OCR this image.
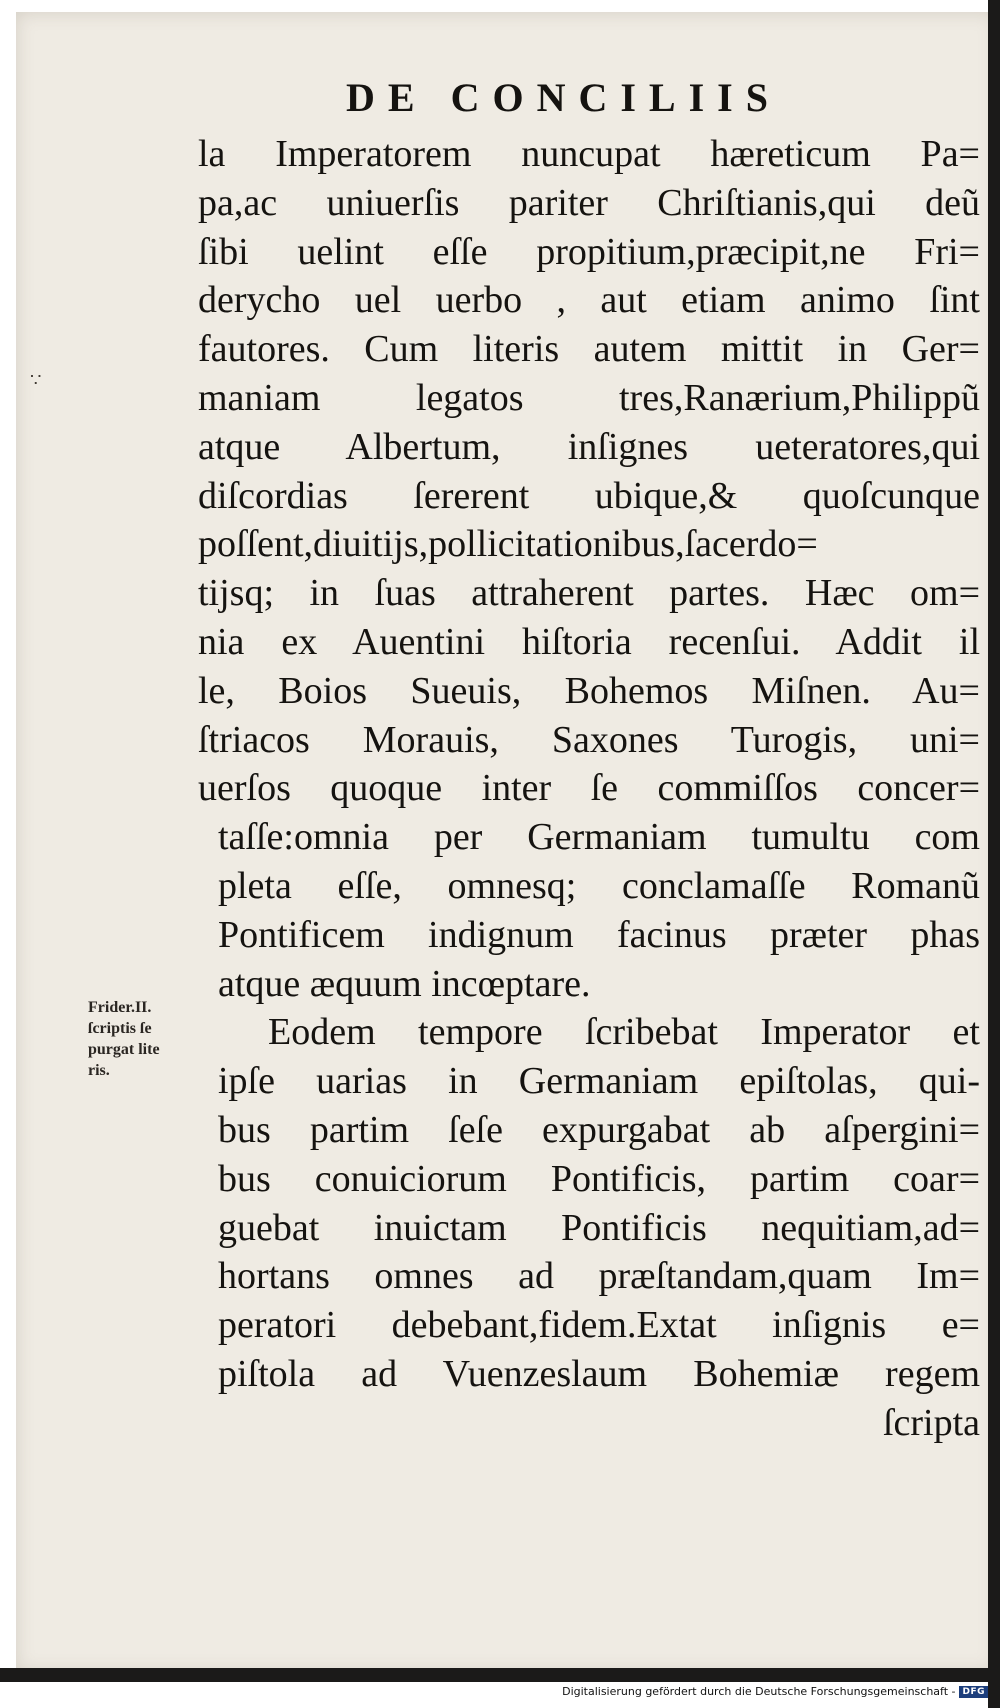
DE CONCILIIS

∵
la Imperatorem nuncupat hæreticum Pa=
pa,ac uniuerſis pariter Chriſtianis,qui deũ
ſibi uelint eſſe propitium,præcipit,ne Fri=
derycho uel uerbo , aut etiam animo ſint
fautores. Cum literis autem mittit in Ger=
maniam legatos tres,Ranærium,Philippũ
atque Albertum, inſignes ueteratores,qui
diſcordias ſererent ubique,& quoſcunque
poſſent,diuitijs,pollicitationibus,ſacerdo=
tijsq; in ſuas attraherent partes. Hæc om=
nia ex Auentini hiſtoria recenſui. Addit il
le, Boios Sueuis, Bohemos Miſnen. Au=
ſtriacos Morauis, Saxones Turogis, uni=
uerſos quoque inter ſe commiſſos concer=
taſſe:omnia per Germaniam tumultu com
pleta eſſe, omnesq; conclamaſſe Romanũ
Pontificem indignum facinus præter phas
atque æquum incœptare.
Eodem tempore ſcribebat Imperator et
ipſe uarias in Germaniam epiſtolas, qui-
bus partim ſeſe expurgabat ab aſpergini=
bus conuiciorum Pontificis, partim coar=
guebat inuictam Pontificis nequitiam,ad=
hortans omnes ad præſtandam,quam Im=
peratori debebant,fidem.Extat inſignis e=
piſtola ad Vuenzeslaum Bohemiæ regem
ſcripta
Frider.II.
ſcriptis ſe
purgat lite
ris.
Digitalisierung gefördert durch die Deutsche Forschungsgemeinschaft - DFG
